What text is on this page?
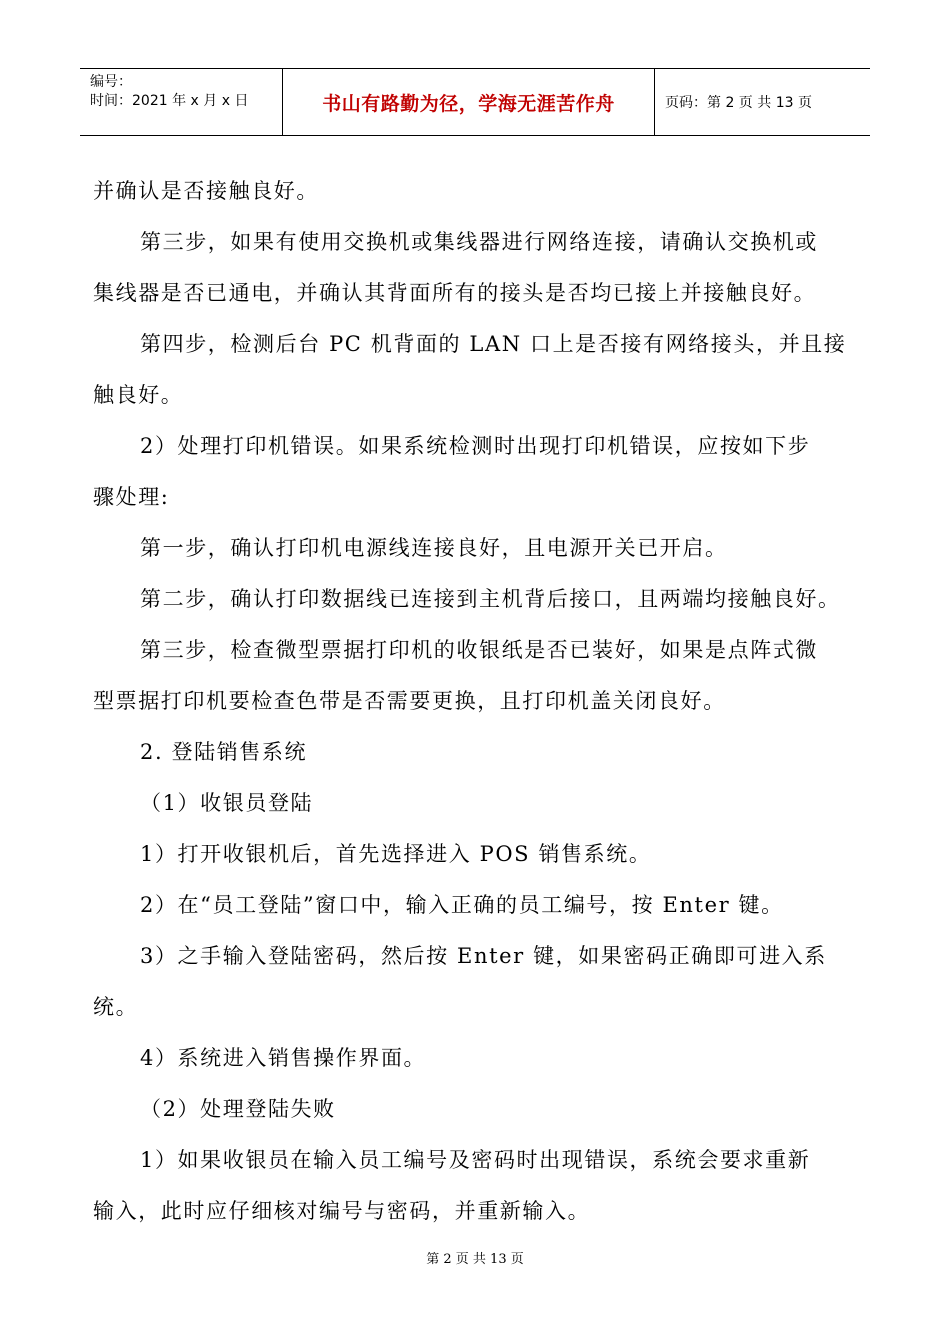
编号：
时间：2021 年 x 月 x 日	书山有路勤为径，学海无涯苦作舟	页码：第 2 页 共 13 页
并确认是否接触良好。
第三步，如果有使用交换机或集线器进行网络连接，请确认交换机或
集线器是否已通电，并确认其背面所有的接头是否均已接上并接触良好。
第四步，检测后台 PC 机背面的 LAN 口上是否接有网络接头，并且接
触良好。
2）处理打印机错误。如果系统检测时出现打印机错误，应按如下步
骤处理:
第一步，确认打印机电源线连接良好，且电源开关已开启。
第二步，确认打印数据线已连接到主机背后接口，且两端均接触良好。
第三步，检查微型票据打印机的收银纸是否已装好，如果是点阵式微
型票据打印机要检查色带是否需要更换，且打印机盖关闭良好。
2. 登陆销售系统
（1）收银员登陆
1）打开收银机后，首先选择进入 POS 销售系统。
2）在“员工登陆”窗口中，输入正确的员工编号，按 Enter 键。
3）之手输入登陆密码，然后按 Enter 键，如果密码正确即可进入系
统。
4）系统进入销售操作界面。
（2）处理登陆失败
1）如果收银员在输入员工编号及密码时出现错误，系统会要求重新
输入，此时应仔细核对编号与密码，并重新输入。
第 2 页 共 13 页
